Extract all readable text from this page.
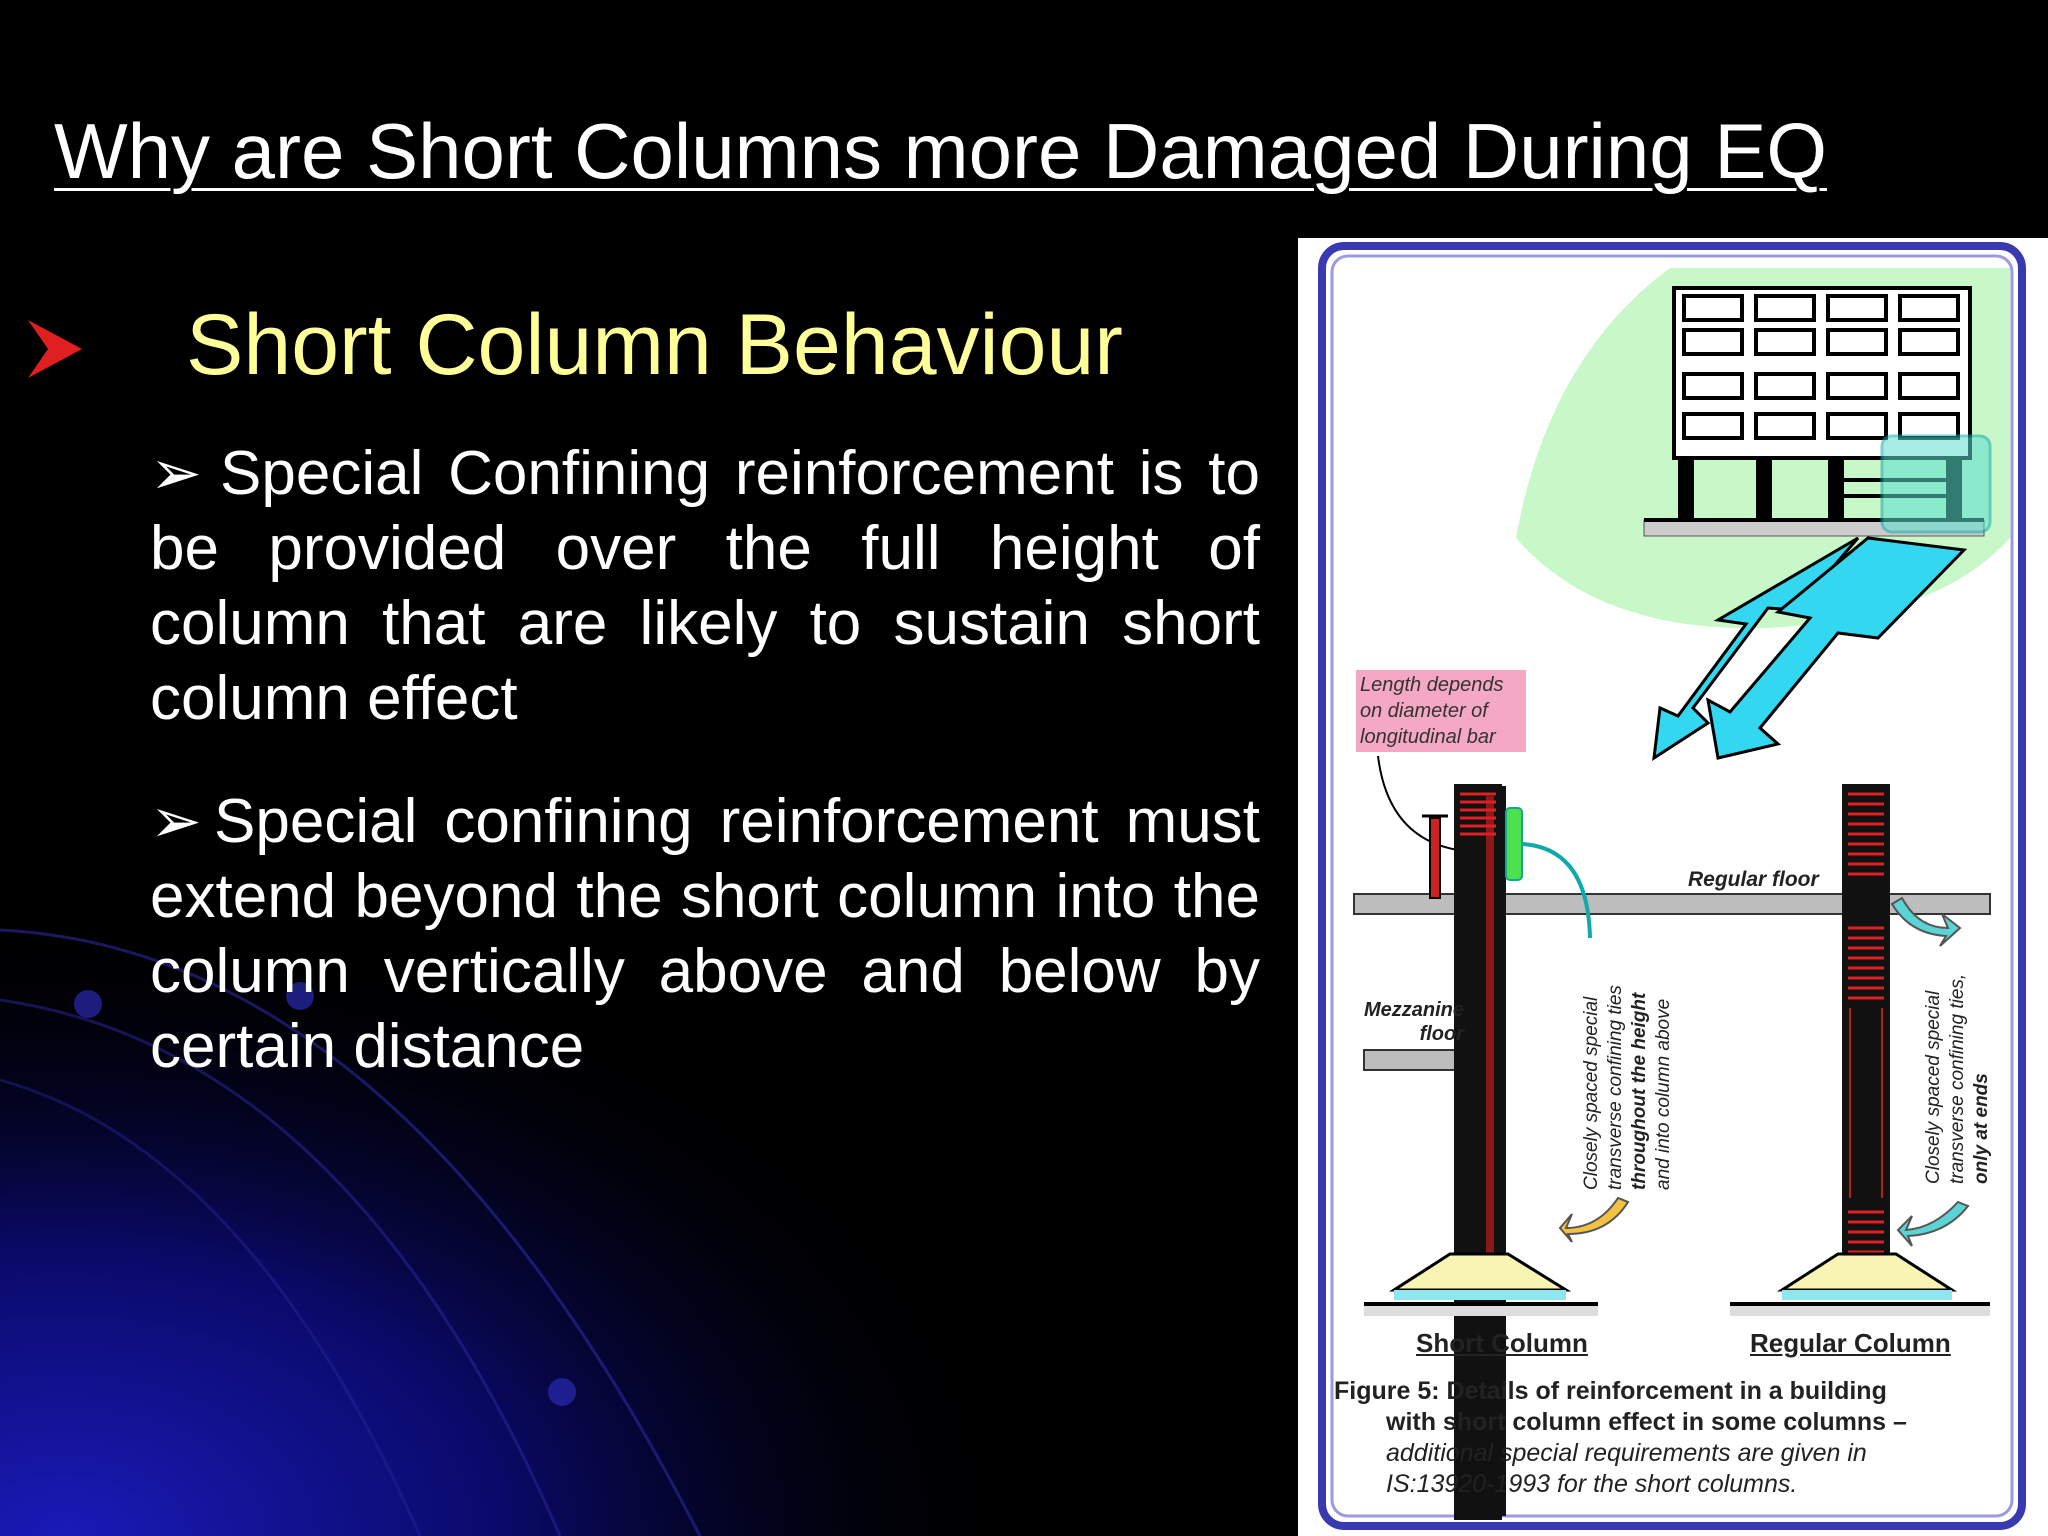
Why are Short Columns more Damaged During EQ
Short Column Behaviour
➢ Special Confining reinforcement is to be provided over the full height of column that are likely to sustain short column effect
➢ Special confining reinforcement must extend beyond the short column into the column vertically above and below by certain distance
Length depends
on diameter of
longitudinal bar
Regular floor
Mezzanine
floor	Closely spaced special transverse confining ties throughout the height and into column above	Closely spaced special transverse confining ties, only at ends
Short Column	Regular Column
Figure 5: Details of reinforcement in a building
with short column effect in some columns –
additional special requirements are given in
IS:13920-1993 for the short columns.
